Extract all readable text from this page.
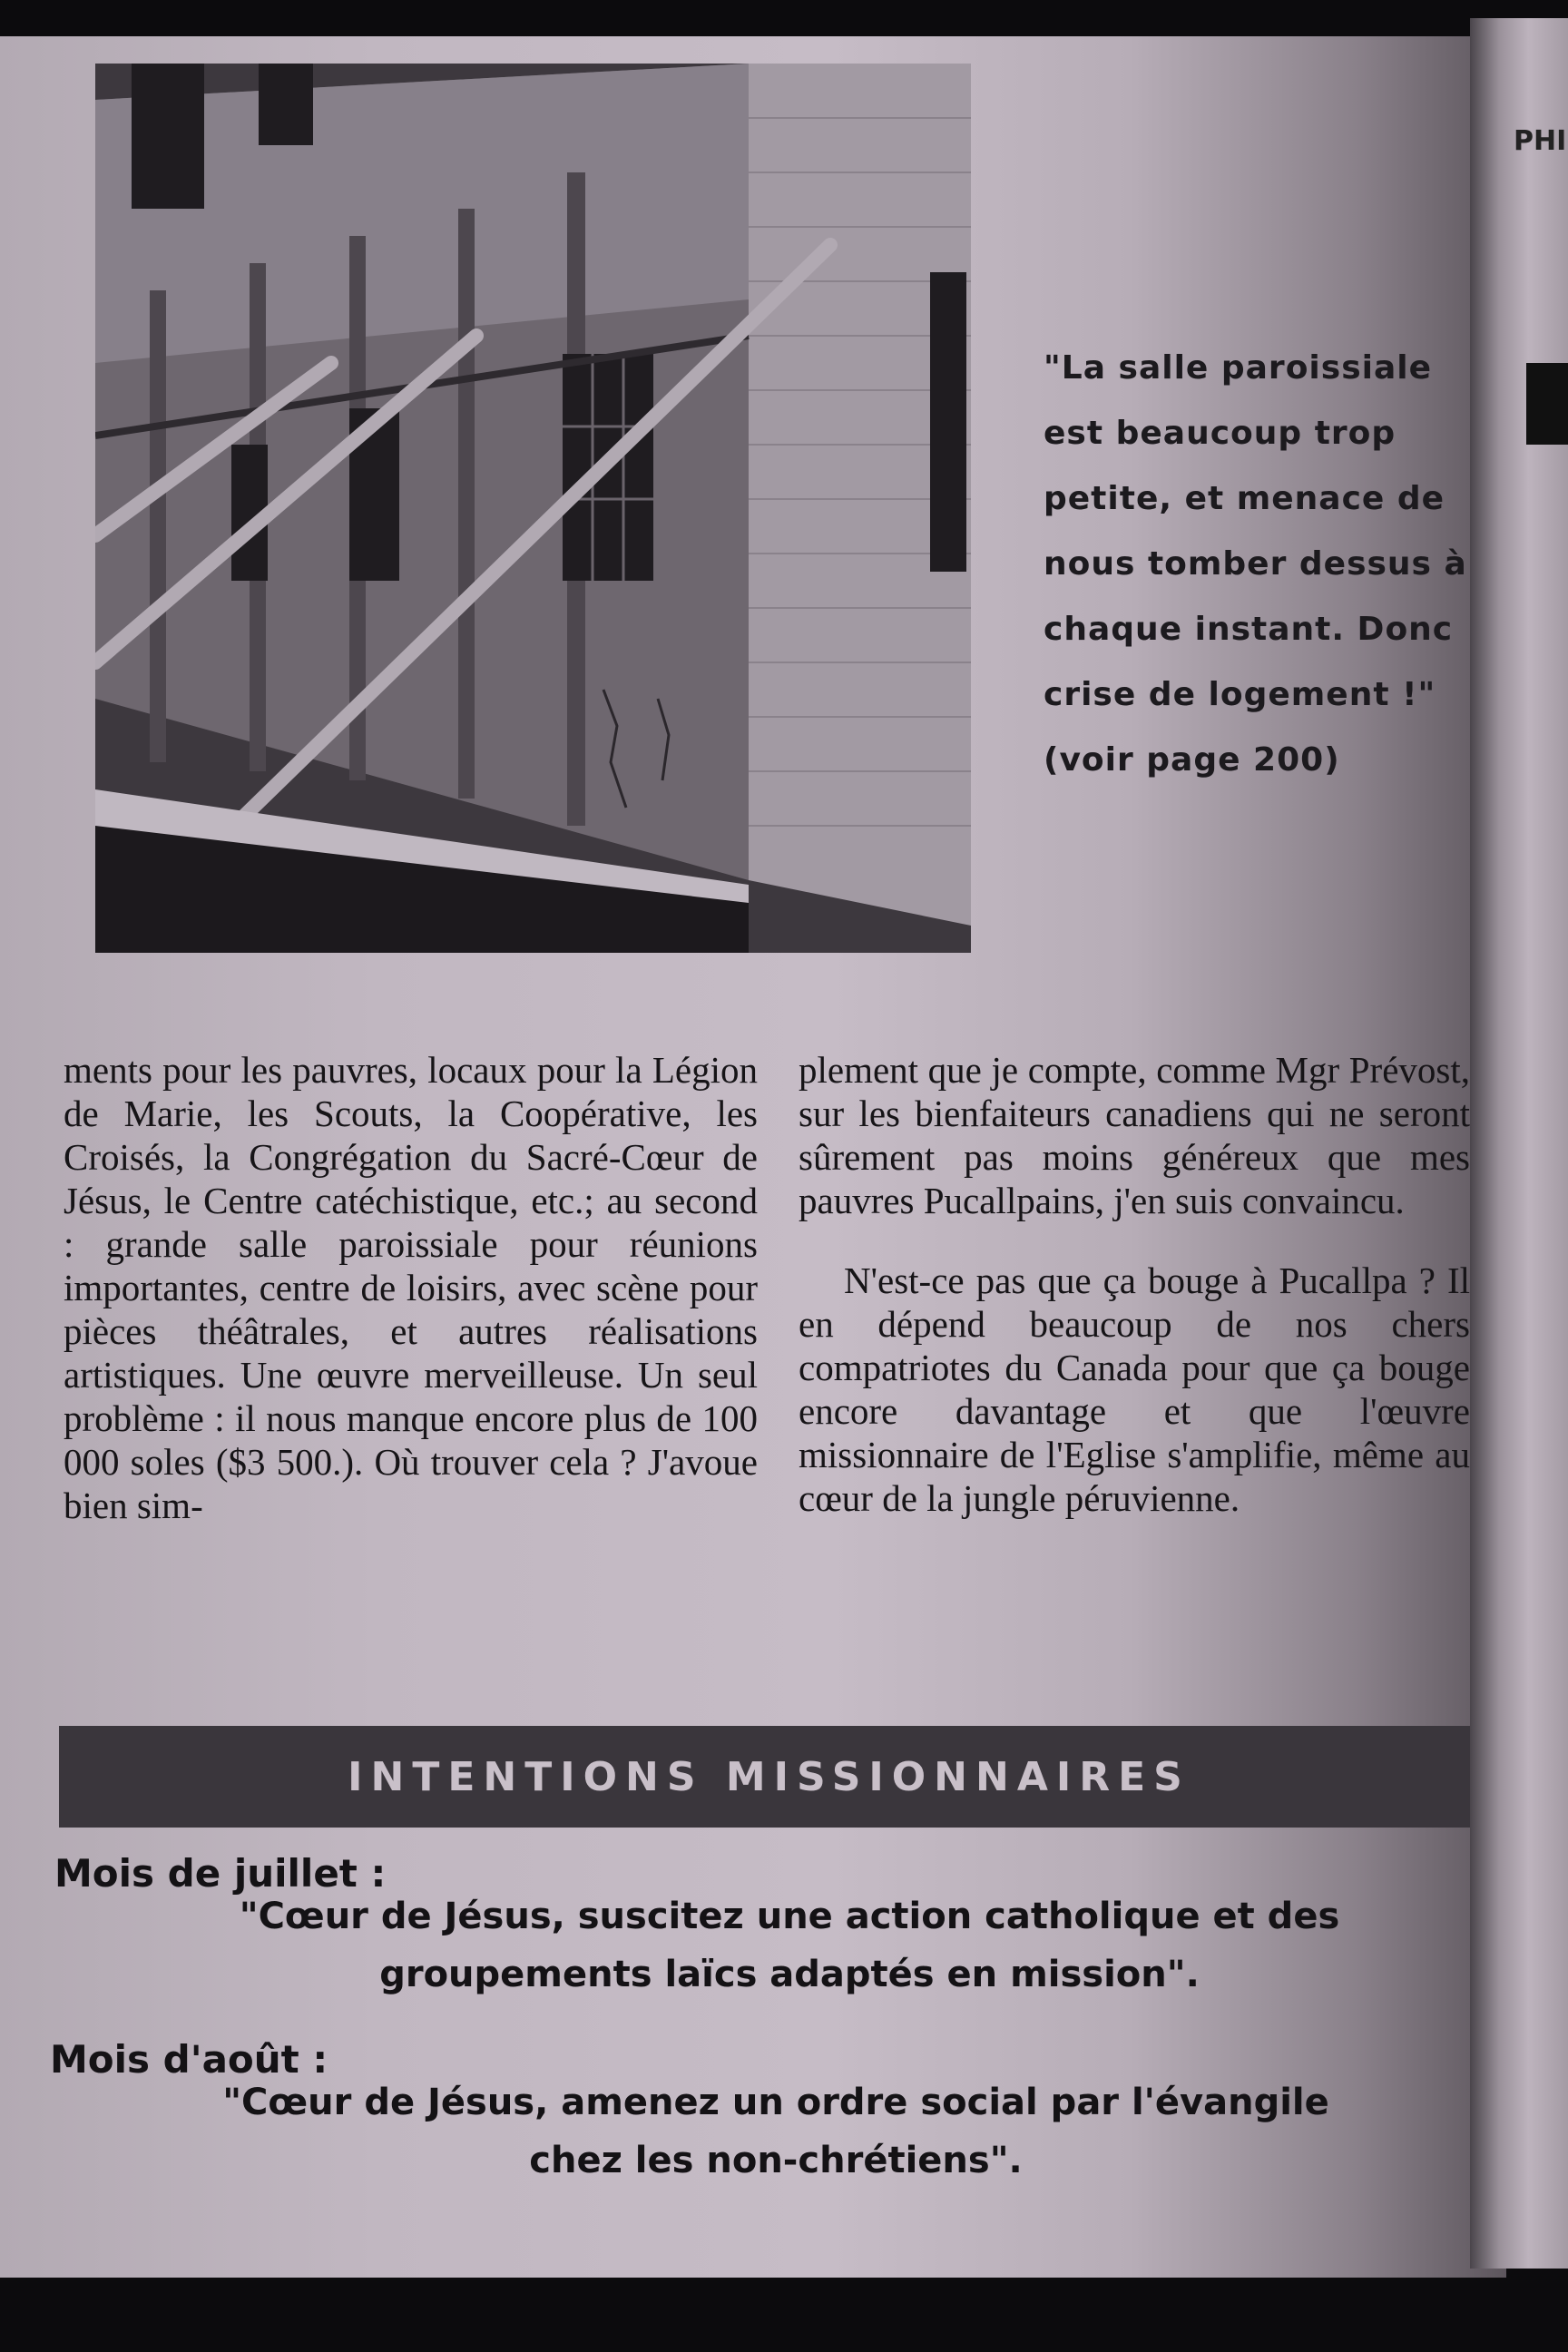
"La salle paroissiale
est beaucoup trop
petite, et menace de
nous tomber dessus à
chaque instant. Donc
crise de logement !"
(voir page 200)

ments pour les pauvres, locaux pour la Légion de Marie, les Scouts, la Coopérative, les Croisés, la Congrégation du Sacré-Cœur de Jésus, le Centre catéchistique, etc.; au second : grande salle paroissiale pour réunions importantes, centre de loisirs, avec scène pour pièces théâtrales, et autres réalisations artistiques. Une œuvre merveilleuse. Un seul problème : il nous manque encore plus de 100 000 soles ($3 500.). Où trouver cela ? J'avoue bien sim-

plement que je compte, comme Mgr Prévost, sur les bienfaiteurs canadiens qui ne seront sûrement pas moins généreux que mes pauvres Pucallpains, j'en suis convaincu.

N'est-ce pas que ça bouge à Pucallpa ? Il en dépend beaucoup de nos chers compatriotes du Canada pour que ça bouge encore davantage et que l'œuvre missionnaire de l'Eglise s'amplifie, même au cœur de la jungle péruvienne.

INTENTIONS MISSIONNAIRES
Mois de juillet :
"Cœur de Jésus, suscitez une action catholique et des
groupements laïcs adaptés en mission".
Mois d'août :
"Cœur de Jésus, amenez un ordre social par l'évangile
chez les non-chrétiens".
PHI
